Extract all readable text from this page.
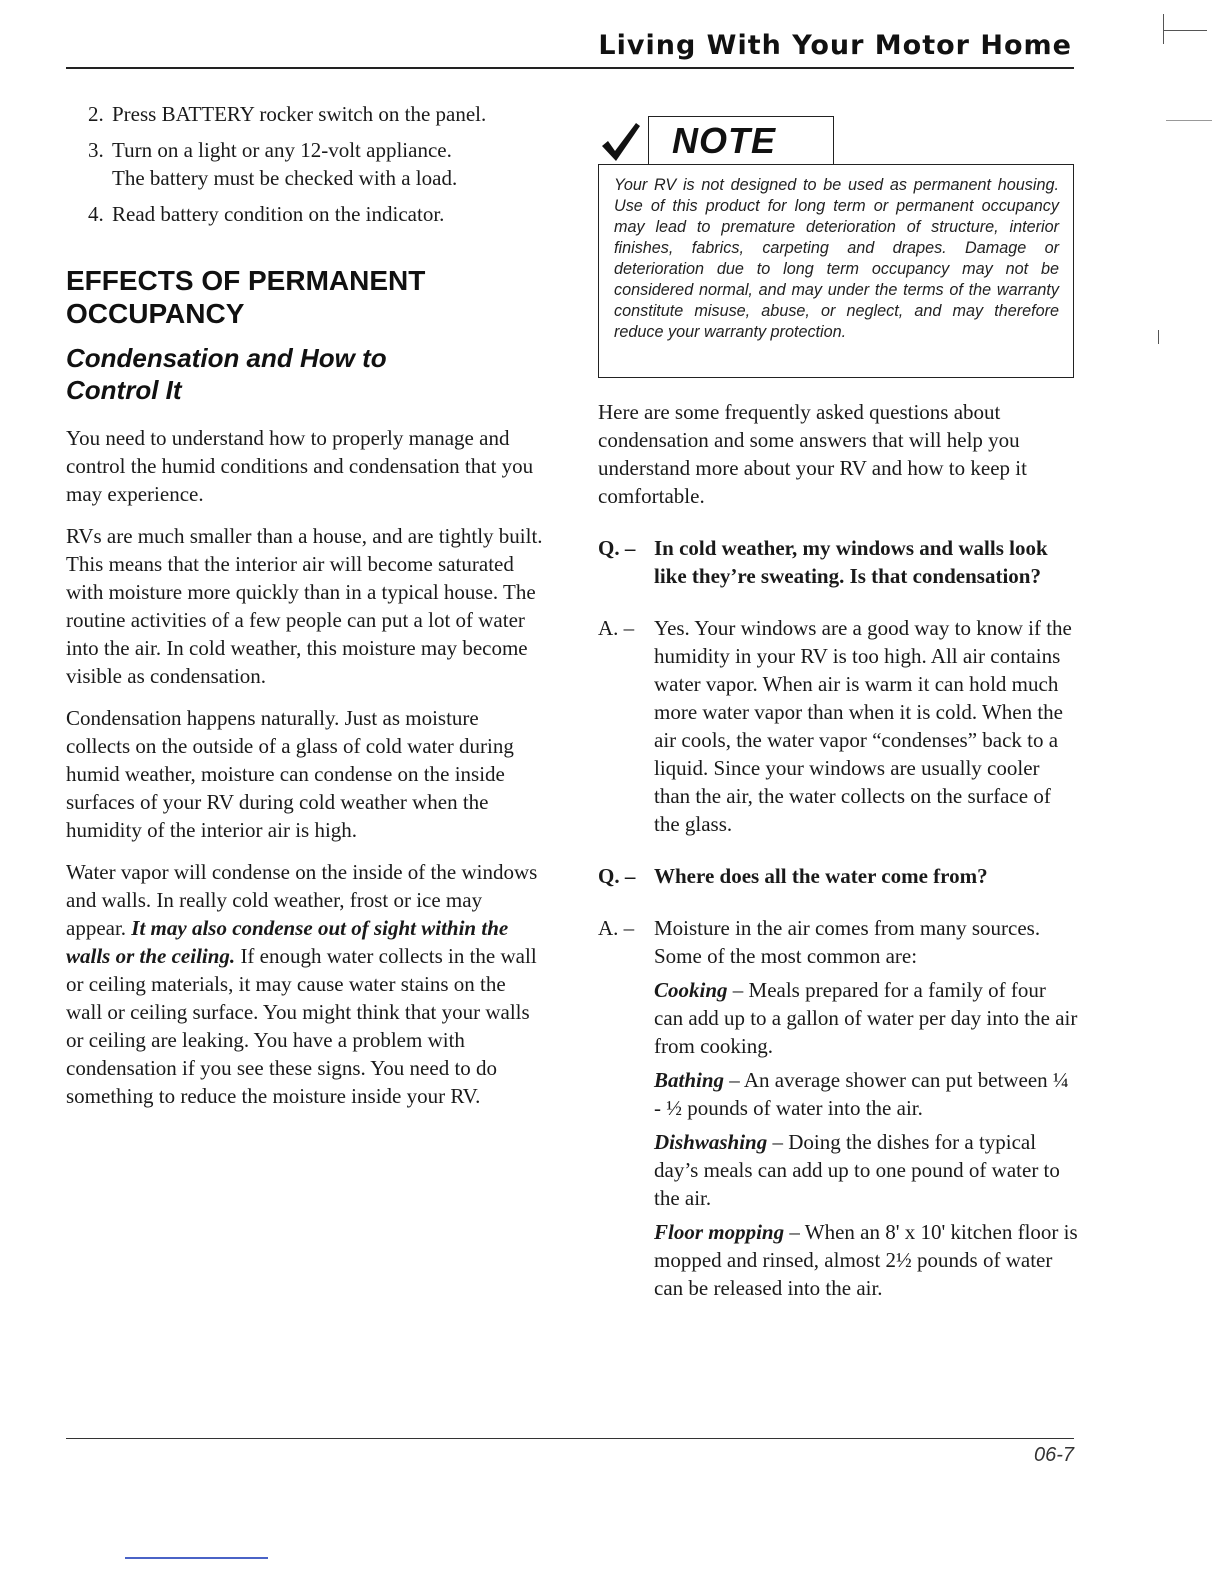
Living With Your Motor Home
2. Press BATTERY rocker switch on the panel.
3. Turn on a light or any 12-volt appliance.
The battery must be checked with a load.
4. Read battery condition on the indicator.
EFFECTS OF PERMANENT OCCUPANCY
Condensation and How to Control It

You need to understand how to properly manage and control the humid conditions and condensation that you may experience.

RVs are much smaller than a house, and are tightly built. This means that the interior air will become saturated with moisture more quickly than in a typical house. The routine activities of a few people can put a lot of water into the air. In cold weather, this moisture may become visible as condensation.

Condensation happens naturally. Just as moisture collects on the outside of a glass of cold water during humid weather, moisture can condense on the inside surfaces of your RV during cold weather when the humidity of the interior air is high.

Water vapor will condense on the inside of the windows and walls. In really cold weather, frost or ice may appear. It may also condense out of sight within the walls or the ceiling. If enough water collects in the wall or ceiling materials, it may cause water stains on the wall or ceiling surface. You might think that your walls or ceiling are leaking. You have a problem with condensation if you see these signs. You need to do something to reduce the moisture inside your RV.

NOTE

Your RV is not designed to be used as permanent housing. Use of this product for long term or permanent occupancy may lead to premature deterioration of structure, interior finishes, fabrics, carpeting and drapes. Damage or deterioration due to long term occupancy may not be considered normal, and may under the terms of the warranty constitute misuse, abuse, or neglect, and may therefore reduce your warranty protection.

Here are some frequently asked questions about condensation and some answers that will help you understand more about your RV and how to keep it comfortable.

Q. – In cold weather, my windows and walls look like they’re sweating. Is that condensation?
A. – Yes. Your windows are a good way to know if the humidity in your RV is too high. All air contains water vapor. When air is warm it can hold much more water vapor than when it is cold. When the air cools, the water vapor “condenses” back to a liquid. Since your windows are usually cooler than the air, the water collects on the surface of the glass.
Q. – Where does all the water come from?
A. – Moisture in the air comes from many sources. Some of the most common are:

Cooking – Meals prepared for a family of four can add up to a gallon of water per day into the air from cooking.

Bathing – An average shower can put between ¼ - ½ pounds of water into the air.

Dishwashing – Doing the dishes for a typical day’s meals can add up to one pound of water to the air.

Floor mopping – When an 8' x 10' kitchen floor is mopped and rinsed, almost 2½ pounds of water can be released into the air.

06-7
